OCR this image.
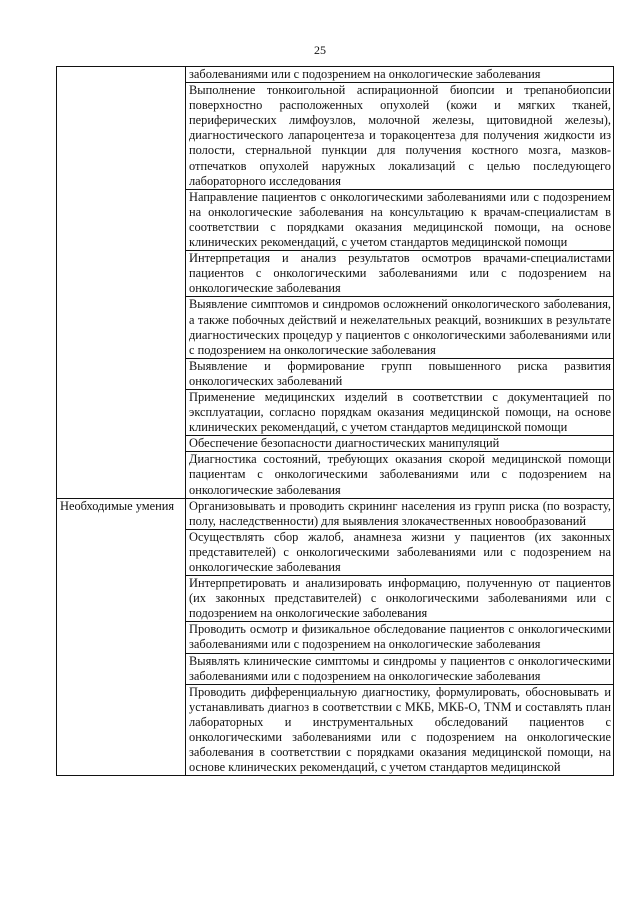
25
	заболеваниями или с подозрением на онкологические заболевания
	Выполнение тонкоигольной аспирационной биопсии и трепанобиопсии поверхностно расположенных опухолей (кожи и мягких тканей, периферических лимфоузлов, молочной железы, щитовидной железы), диагностического лапароцентеза и торакоцентеза для получения жидкости из полости, стернальной пункции для получения костного мозга, мазков-отпечатков опухолей наружных локализаций с целью последующего лабораторного исследования
	Направление пациентов с онкологическими заболеваниями или с подозрением на онкологические заболевания на консультацию к врачам-специалистам в соответствии с порядками оказания медицинской помощи, на основе клинических рекомендаций, с учетом стандартов медицинской помощи
	Интерпретация и анализ результатов осмотров врачами-специалистами пациентов с онкологическими заболеваниями или с подозрением на онкологические заболевания
	Выявление симптомов и синдромов осложнений онкологического заболевания, а также побочных действий и нежелательных реакций, возникших в результате диагностических процедур у пациентов с онкологическими заболеваниями или с подозрением на онкологические заболевания
	Выявление и формирование групп повышенного риска развития онкологических заболеваний
	Применение медицинских изделий в соответствии с документацией по эксплуатации, согласно порядкам оказания медицинской помощи, на основе клинических рекомендаций, с учетом стандартов медицинской помощи
	Обеспечение безопасности диагностических манипуляций
	Диагностика состояний, требующих оказания скорой медицинской помощи пациентам с онкологическими заболеваниями или с подозрением на онкологические заболевания
Необходимые умения	Организовывать и проводить скрининг населения из групп риска (по возрасту, полу, наследственности) для выявления злокачественных новообразований
	Осуществлять сбор жалоб, анамнеза жизни у пациентов (их законных представителей) с онкологическими заболеваниями или с подозрением на онкологические заболевания
	Интерпретировать и анализировать информацию, полученную от пациентов (их законных представителей) с онкологическими заболеваниями или с подозрением на онкологические заболевания
	Проводить осмотр и физикальное обследование пациентов с онкологическими заболеваниями или с подозрением на онкологические заболевания
	Выявлять клинические симптомы и синдромы у пациентов с онкологическими заболеваниями или с подозрением на онкологические заболевания
	Проводить дифференциальную диагностику, формулировать, обосновывать и устанавливать диагноз в соответствии с МКБ, МКБ-О, TNM и составлять план лабораторных и инструментальных обследований пациентов с онкологическими заболеваниями или с подозрением на онкологические заболевания в соответствии с порядками оказания медицинской помощи, на основе клинических рекомендаций, с учетом стандартов медицинской
